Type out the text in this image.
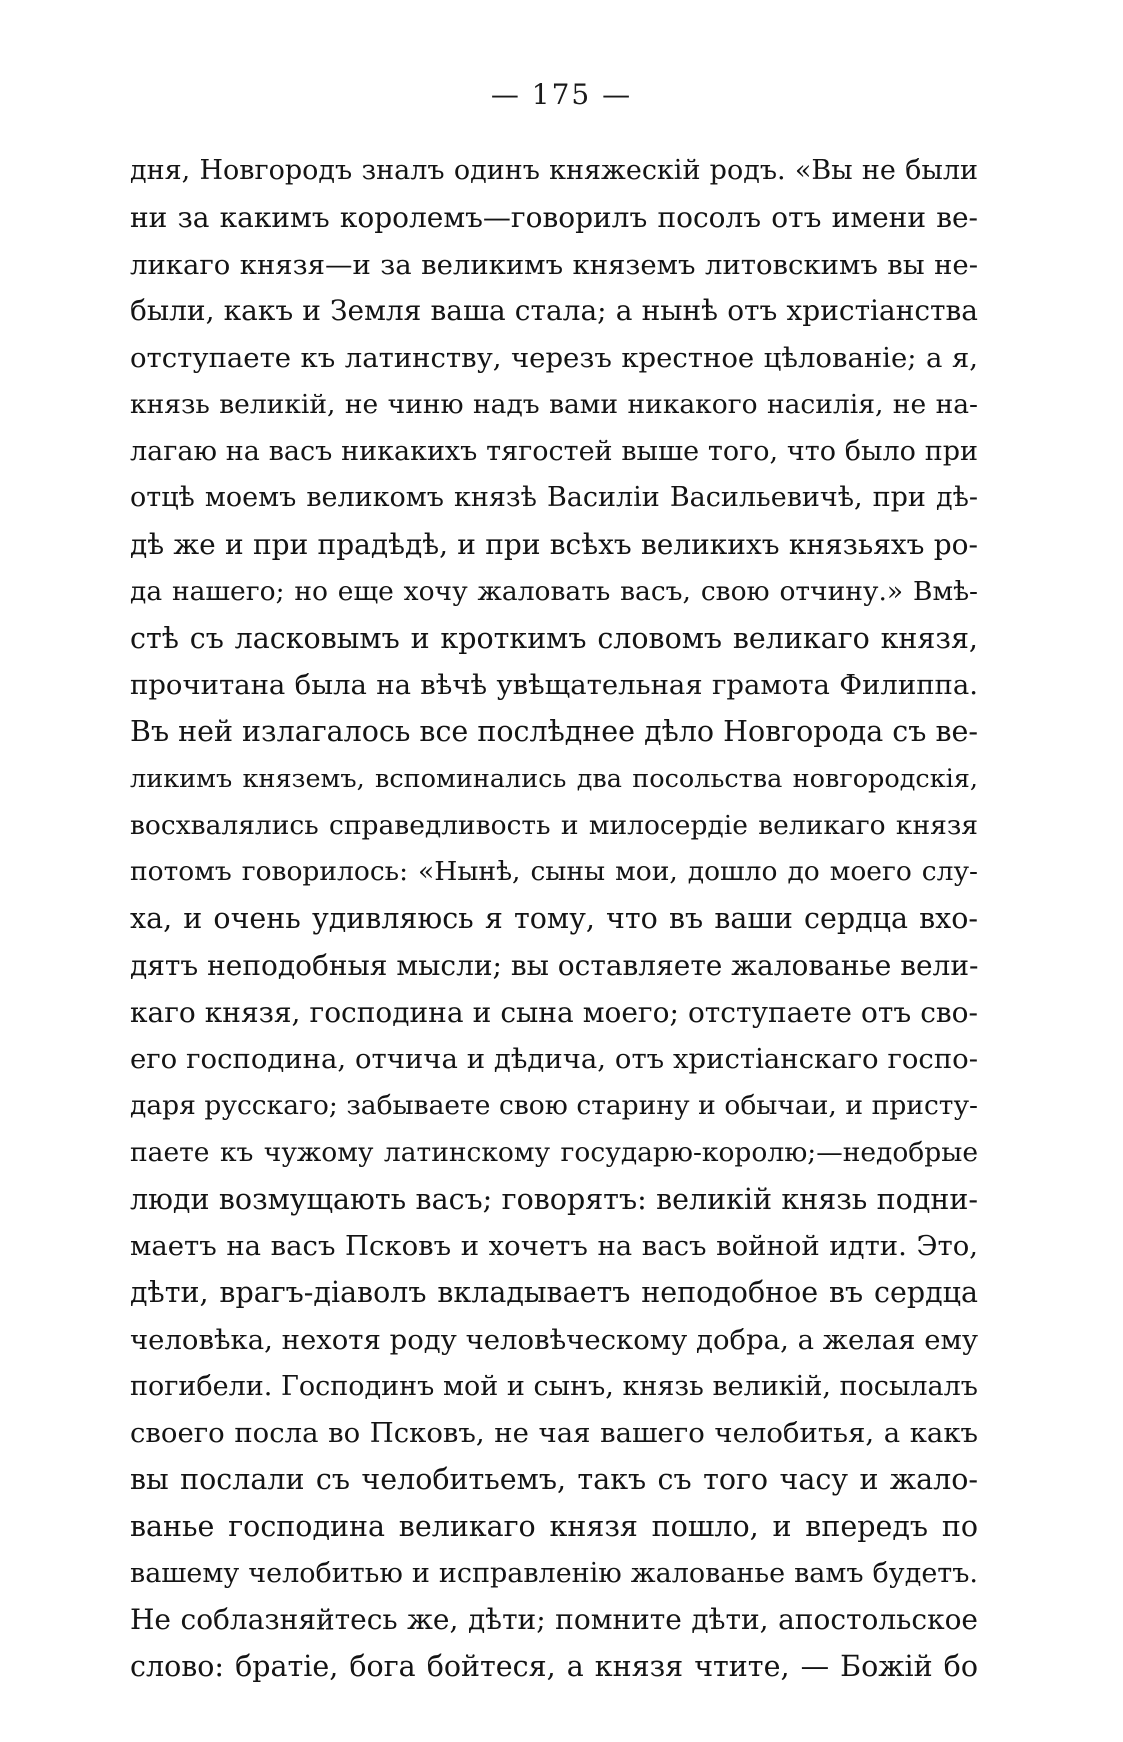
— 175 —
дня, Новгородъ зналъ одинъ княжескій родъ. «Вы не были
ни за какимъ королемъ—говорилъ посолъ отъ имени ве-
ликаго князя—и за великимъ княземъ литовскимъ вы не-
были, какъ и Земля ваша стала; а нынѣ отъ христіанства
отступаете къ латинству, черезъ крестное цѣлованіе; а я,
князь великій, не чиню надъ вами никакого насилія, не на-
лагаю на васъ никакихъ тягостей выше того, что было при
отцѣ моемъ великомъ князѣ Василіи Васильевичѣ, при дѣ-
дѣ же и при прадѣдѣ, и при всѣхъ великихъ князьяхъ ро-
да нашего; но еще хочу жаловать васъ, свою отчину.» Вмѣ-
стѣ съ ласковымъ и кроткимъ словомъ великаго князя,
прочитана была на вѣчѣ увѣщательная грамота Филиппа.
Въ ней излагалось все послѣднее дѣло Новгорода съ ве-
ликимъ княземъ, вспоминались два посольства новгородскія,
восхвалялись справедливость и милосердіе великаго князя
потомъ говорилось: «Нынѣ, сыны мои, дошло до моего слу-
ха, и очень удивляюсь я тому, что въ ваши сердца вхо-
дятъ неподобныя мысли; вы оставляете жалованье вели-
каго князя, господина и сына моего; отступаете отъ сво-
его господина, отчича и дѣдича, отъ христіанскаго госпо-
даря русскаго; забываете свою старину и обычаи, и присту-
паете къ чужому латинскому государю-королю;—недобрые
люди возмущають васъ; говорятъ: великій князь подни-
маетъ на васъ Псковъ и хочетъ на васъ войной идти. Это,
дѣти, врагъ-діаволъ вкладываетъ неподобное въ сердца
человѣка, нехотя роду человѣческому добра, а желая ему
погибели. Господинъ мой и сынъ, князь великій, посылалъ
своего посла во Псковъ, не чая вашего челобитья, а какъ
вы послали съ челобитьемъ, такъ съ того часу и жало-
ванье господина великаго князя пошло, и впередъ по
вашему челобитью и исправленію жалованье вамъ будетъ.
Не соблазняйтесь же, дѣти; помните дѣти, апостольское
слово: братіе, бога бойтеся, а князя чтите, — Божій бо
